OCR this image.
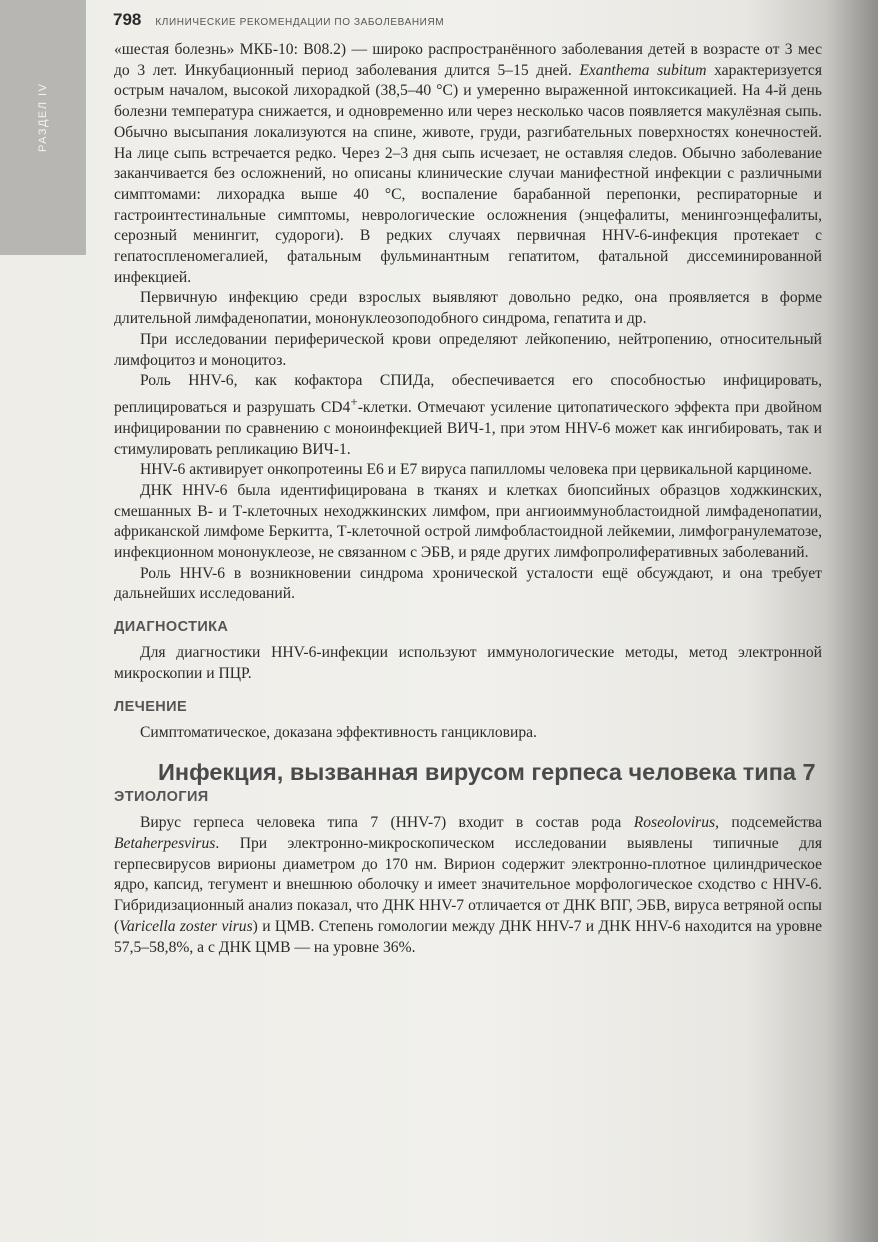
РАЗДЕЛ IV
798 КЛИНИЧЕСКИЕ РЕКОМЕНДАЦИИ ПО ЗАБОЛЕВАНИЯМ

«шестая болезнь» МКБ-10: В08.2) — широко распространённого заболевания детей в возрасте от 3 мес до 3 лет. Инкубационный период заболевания длится 5–15 дней. Exanthema subitum характеризуется острым началом, высокой лихорадкой (38,5–40 °С) и умеренно выраженной интоксикацией. На 4-й день болезни температура снижается, и одновременно или через несколько часов появляется макулёзная сыпь. Обычно высыпания локализуются на спине, животе, груди, разгибательных поверхностях конечностей. На лице сыпь встречается редко. Через 2–3 дня сыпь исчезает, не оставляя следов. Обычно заболевание заканчивается без осложнений, но описаны клинические случаи манифестной инфекции с различными симптомами: лихорадка выше 40 °С, воспаление барабанной перепонки, респираторные и гастроинтестинальные симптомы, неврологические осложнения (энцефалиты, менингоэнцефалиты, серозный менингит, судороги). В редких случаях первичная HHV-6-инфекция протекает с гепатоспленомегалией, фатальным фульминантным гепатитом, фатальной диссеминированной инфекцией.

Первичную инфекцию среди взрослых выявляют довольно редко, она проявляется в форме длительной лимфаденопатии, мононуклеозоподобного синдрома, гепатита и др.

При исследовании периферической крови определяют лейкопению, нейтропению, относительный лимфоцитоз и моноцитоз.

Роль HHV-6, как кофактора СПИДа, обеспечивается его способностью инфицировать, реплицироваться и разрушать CD4+-клетки. Отмечают усиление цитопатического эффекта при двойном инфицировании по сравнению с моноинфекцией ВИЧ-1, при этом HHV-6 может как ингибировать, так и стимулировать репликацию ВИЧ-1.

HHV-6 активирует онкопротеины Е6 и Е7 вируса папилломы человека при цервикальной карциноме.

ДНК HHV-6 была идентифицирована в тканях и клетках биопсийных образцов ходжкинских, смешанных В- и Т-клеточных неходжкинских лимфом, при ангиоиммунобластоидной лимфаденопатии, африканской лимфоме Беркитта, Т-клеточной острой лимфобластоидной лейкемии, лимфогранулематозе, инфекционном мононуклеозе, не связанном с ЭБВ, и ряде других лимфопролиферативных заболеваний.

Роль HHV-6 в возникновении синдрома хронической усталости ещё обсуждают, и она требует дальнейших исследований.

ДИАГНОСТИКА

Для диагностики HHV-6-инфекции используют иммунологические методы, метод электронной микроскопии и ПЦР.

ЛЕЧЕНИЕ

Симптоматическое, доказана эффективность ганцикловира.

Инфекция, вызванная вирусом герпеса человека типа 7
ЭТИОЛОГИЯ

Вирус герпеса человека типа 7 (HHV-7) входит в состав рода Roseolovirus, подсемейства Betaherpesvirus. При электронно-микроскопическом исследовании выявлены типичные для герпесвирусов вирионы диаметром до 170 нм. Вирион содержит электронно-плотное цилиндрическое ядро, капсид, тегумент и внешнюю оболочку и имеет значительное морфологическое сходство с HHV-6. Гибридизационный анализ показал, что ДНК HHV-7 отличается от ДНК ВПГ, ЭБВ, вируса ветряной оспы (Varicella zoster virus) и ЦМВ. Степень гомологии между ДНК HHV-7 и ДНК HHV-6 находится на уровне 57,5–58,8%, а с ДНК ЦМВ — на уровне 36%.
